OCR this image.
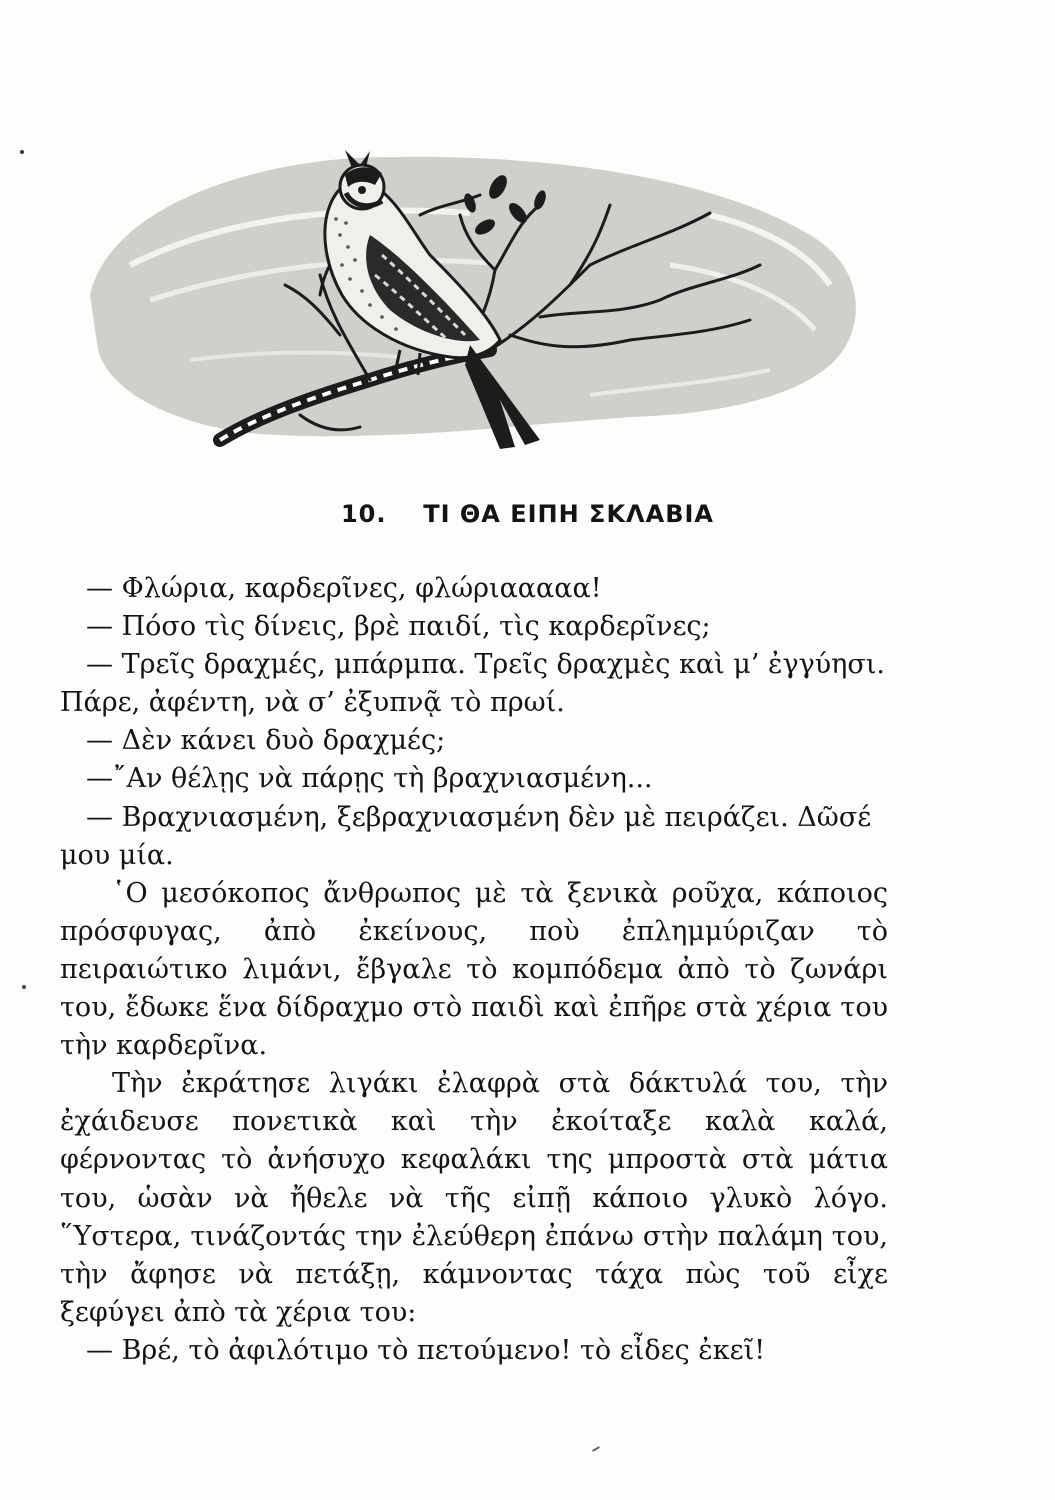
10. ΤΙ ΘΑ ΕΙΠΗ ΣΚΛΑΒΙΑ

— Φλώρια, καρδερῖνες, φλώριααααα!

— Πόσο τὶς δίνεις, βρὲ παιδί, τὶς καρδερῖνες;

— Τρεῖς δραχμές, μπάρμπα. Τρεῖς δραχμὲς καὶ μ’ ἐγγύησι. Πάρε, ἀφέντη, νὰ σ’ ἐξυπνᾷ τὸ πρωί.

— Δὲν κάνει δυὸ δραχμές;

—῎Αν θέλῃς νὰ πάρῃς τὴ βραχνιασμένη...

— Βραχνιασμένη, ξεβραχνιασμένη δὲν μὲ πειράζει. Δῶσέ μου μία.

῾Ο μεσόκοπος ἄνθρωπος μὲ τὰ ξενικὰ ροῦχα, κάποιος πρόσφυγας, ἀπὸ ἐκείνους, ποὺ ἐπλημμύριζαν τὸ πειραιώτικο λιμάνι, ἔβγαλε τὸ κομπόδεμα ἀπὸ τὸ ζωνάρι του, ἔδωκε ἕνα δίδραχμο στὸ παιδὶ καὶ ἐπῆρε στὰ χέρια του τὴν καρδερῖνα.

Τὴν ἐκράτησε λιγάκι ἐλαφρὰ στὰ δάκτυλά του, τὴν ἐχάιδευσε πονετικὰ καὶ τὴν ἐκοίταξε καλὰ καλά, φέρνοντας τὸ ἀνήσυχο κεφαλάκι της μπροστὰ στὰ μάτια του, ὡσὰν νὰ ἤθελε νὰ τῆς εἰπῇ κάποιο γλυκὸ λόγο. ῞Υστερα, τινάζοντάς την ἐλεύθερη ἐπάνω στὴν παλάμη του, τὴν ἄφησε νὰ πετάξῃ, κάμνοντας τάχα πὼς τοῦ εἶχε ξεφύγει ἀπὸ τὰ χέρια του:

— Βρέ, τὸ ἀφιλότιμο τὸ πετούμενο! τὸ εἶδες ἐκεῖ!
